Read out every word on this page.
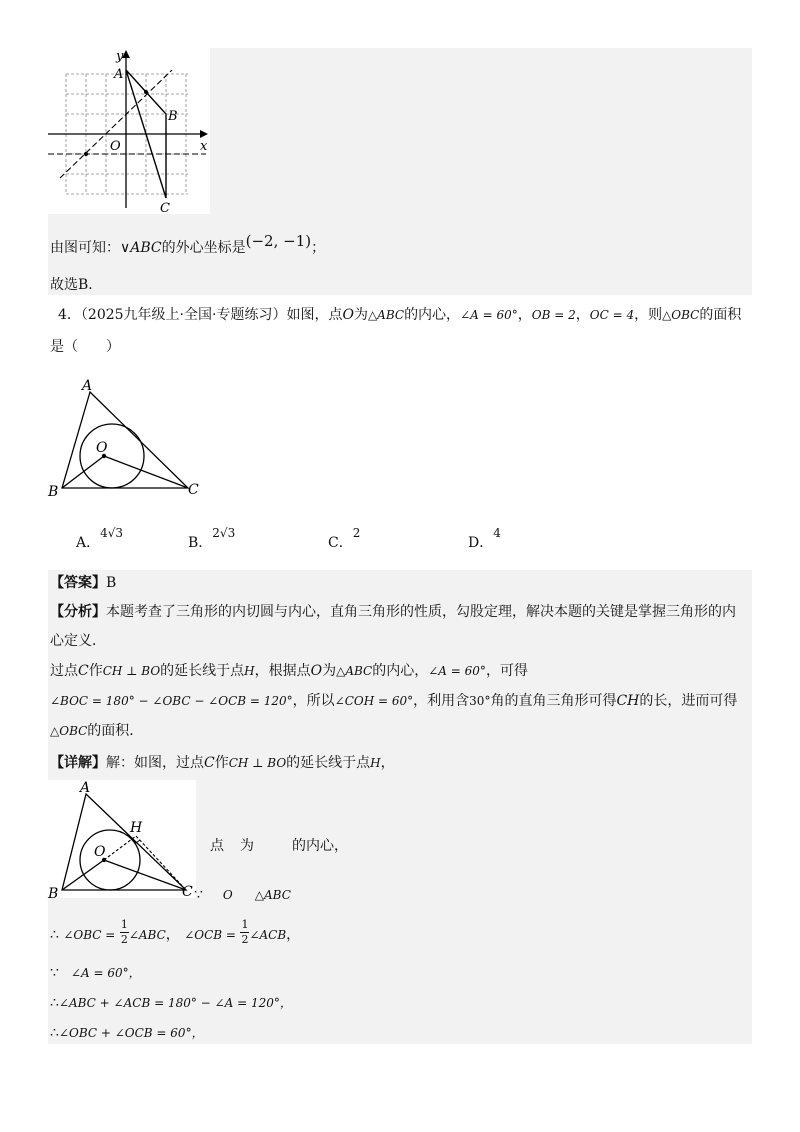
y
x
A
B
O
C
由图可知：∨ABC的外心坐标是(−2, −1)；
故选B．
4．（2025九年级上·全国·专题练习）如图，点O为△ABC的内心，∠A = 60°，OB = 2，OC = 4，则△OBC的面积
是（　　）
A
O
B	C
A．4√3
B．2√3
C．2
D．4
【答案】B
【分析】本题考查了三角形的内切圆与内心，直角三角形的性质，勾股定理，解决本题的关键是掌握三角形的内
心定义．
过点C作CH ⊥ BO的延长线于点H，根据点O为△ABC的内心，∠A = 60°，可得
∠BOC = 180° − ∠OBC − ∠OCB = 120°，所以∠COH = 60°，利用含30°角的直角三角形可得CH的长，进而可得
△OBC的面积．
【详解】解：如图，过点C作CH ⊥ BO的延长线于点H，
A
H
O
B	C
点 为	的内心，
∵ O △ABC
∴ ∠OBC = $\frac{1}{2}$ ∠ABC， ∠OCB = $\frac{1}{2}$ ∠ACB，
∵ ∠A = 60°，
∴∠ABC + ∠ACB = 180° − ∠A = 120°，
∴∠OBC + ∠OCB = 60°，
